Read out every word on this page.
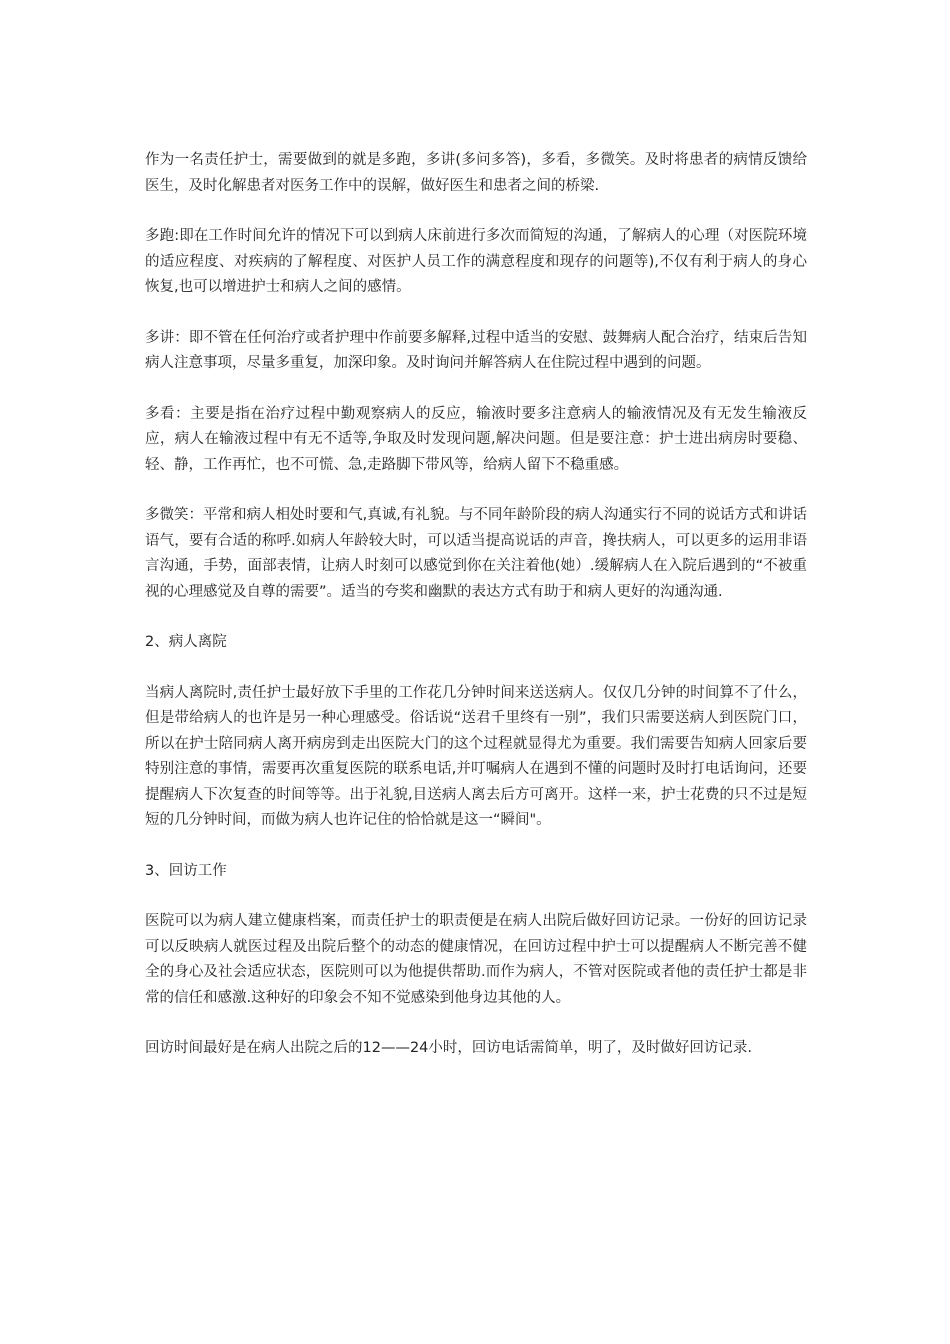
作为一名责任护士，需要做到的就是多跑，多讲(多问多答)，多看，多微笑。及时将患者的病情反馈给医生，及时化解患者对医务工作中的误解，做好医生和患者之间的桥梁.

多跑:即在工作时间允许的情况下可以到病人床前进行多次而简短的沟通，了解病人的心理（对医院环境的适应程度、对疾病的了解程度、对医护人员工作的满意程度和现存的问题等),不仅有利于病人的身心恢复,也可以增进护士和病人之间的感情。

多讲：即不管在任何治疗或者护理中作前要多解释,过程中适当的安慰、鼓舞病人配合治疗，结束后告知病人注意事项，尽量多重复，加深印象。及时询问并解答病人在住院过程中遇到的问题。

多看：主要是指在治疗过程中勤观察病人的反应，输液时要多注意病人的输液情况及有无发生输液反应，病人在输液过程中有无不适等,争取及时发现问题,解决问题。但是要注意：护士进出病房时要稳、轻、静，工作再忙，也不可慌、急,走路脚下带风等，给病人留下不稳重感。

多微笑：平常和病人相处时要和气,真诚,有礼貌。与不同年龄阶段的病人沟通实行不同的说话方式和讲话语气，要有合适的称呼.如病人年龄较大时，可以适当提高说话的声音，搀扶病人，可以更多的运用非语言沟通，手势，面部表情，让病人时刻可以感觉到你在关注着他(她）.缓解病人在入院后遇到的“不被重视的心理感觉及自尊的需要”。适当的夸奖和幽默的表达方式有助于和病人更好的沟通沟通.

2、病人离院

当病人离院时,责任护士最好放下手里的工作花几分钟时间来送送病人。仅仅几分钟的时间算不了什么，但是带给病人的也许是另一种心理感受。俗话说“送君千里终有一别”，我们只需要送病人到医院门口，所以在护士陪同病人离开病房到走出医院大门的这个过程就显得尤为重要。我们需要告知病人回家后要特别注意的事情，需要再次重复医院的联系电话,并叮嘱病人在遇到不懂的问题时及时打电话询问，还要提醒病人下次复查的时间等等。出于礼貌,目送病人离去后方可离开。这样一来，护士花费的只不过是短短的几分钟时间，而做为病人也许记住的恰恰就是这一“瞬间"。

3、回访工作

医院可以为病人建立健康档案，而责任护士的职责便是在病人出院后做好回访记录。一份好的回访记录可以反映病人就医过程及出院后整个的动态的健康情况，在回访过程中护士可以提醒病人不断完善不健全的身心及社会适应状态，医院则可以为他提供帮助.而作为病人，不管对医院或者他的责任护士都是非常的信任和感激.这种好的印象会不知不觉感染到他身边其他的人。

回访时间最好是在病人出院之后的12——24小时，回访电话需简单，明了，及时做好回访记录.
